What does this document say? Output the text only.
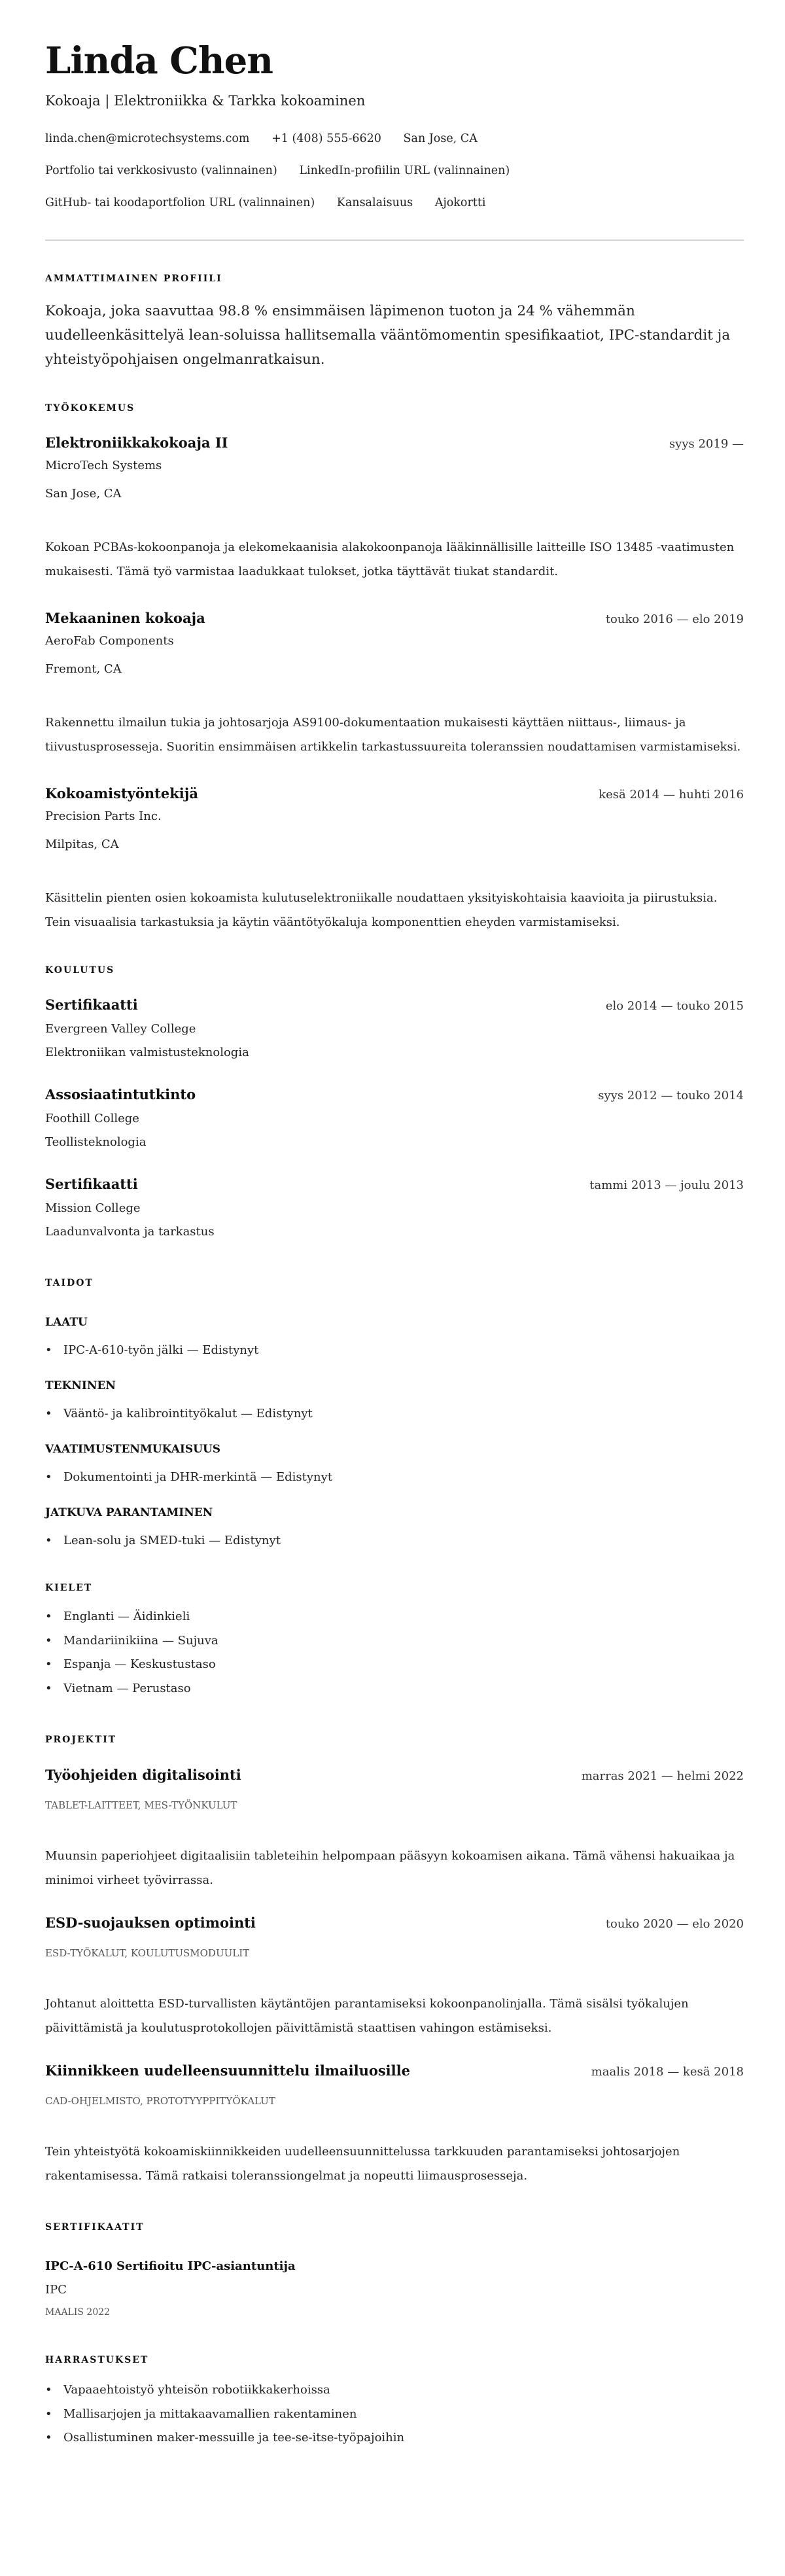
Linda Chen
Kokoaja | Elektroniikka & Tarkka kokoaminen
linda.chen@microtechsystems.com +1 (408) 555-6620 San Jose, CA
Portfolio tai verkkosivusto (valinnainen) LinkedIn-profiilin URL (valinnainen)
GitHub- tai koodaportfolion URL (valinnainen) Kansalaisuus Ajokortti
AMMATTIMAINEN PROFIILI
Kokoaja, joka saavuttaa 98.8 % ensimmäisen läpimenon tuoton ja 24 % vähemmän uudelleenkäsittelyä lean-soluissa hallitsemalla vääntömomentin spesifikaatiot, IPC-standardit ja yhteistyöpohjaisen ongelmanratkaisun.
TYÖKOKEMUS
Elektroniikkakokoaja II	syys 2019 —
MicroTech Systems
San Jose, CA
Kokoan PCBAs-kokoonpanoja ja elekomekaanisia alakokoonpanoja lääkinnällisille laitteille ISO 13485 -vaatimusten mukaisesti. Tämä työ varmistaa laadukkaat tulokset, jotka täyttävät tiukat standardit.
Mekaaninen kokoaja	touko 2016 — elo 2019
AeroFab Components
Fremont, CA
Rakennettu ilmailun tukia ja johtosarjoja AS9100-dokumentaation mukaisesti käyttäen niittaus-, liimaus- ja tiivustusprosesseja. Suoritin ensimmäisen artikkelin tarkastussuureita toleranssien noudattamisen varmistamiseksi.
Kokoamistyöntekijä	kesä 2014 — huhti 2016
Precision Parts Inc.
Milpitas, CA
Käsittelin pienten osien kokoamista kulutuselektroniikalle noudattaen yksityiskohtaisia kaavioita ja piirustuksia. Tein visuaalisia tarkastuksia ja käytin vääntötyökaluja komponenttien eheyden varmistamiseksi.
KOULUTUS
Sertifikaatti	elo 2014 — touko 2015
Evergreen Valley College
Elektroniikan valmistusteknologia
Assosiaatintutkinto	syys 2012 — touko 2014
Foothill College
Teollisteknologia
Sertifikaatti	tammi 2013 — joulu 2013
Mission College
Laadunvalvonta ja tarkastus
TAIDOT
LAATU
• IPC-A-610-työn jälki — Edistynyt
TEKNINEN
• Vääntö- ja kalibrointityökalut — Edistynyt
VAATIMUSTENMUKAISUUS
• Dokumentointi ja DHR-merkintä — Edistynyt
JATKUVA PARANTAMINEN
• Lean-solu ja SMED-tuki — Edistynyt
KIELET
• Englanti — Äidinkieli
• Mandariinikiina — Sujuva
• Espanja — Keskustustaso
• Vietnam — Perustaso
PROJEKTIT
Työohjeiden digitalisointi	marras 2021 — helmi 2022
TABLET-LAITTEET, MES-TYÖNKULUT
Muunsin paperiohjeet digitaalisiin tableteihin helpompaan pääsyyn kokoamisen aikana. Tämä vähensi hakuaikaa ja minimoi virheet työvirrassa.
ESD-suojauksen optimointi	touko 2020 — elo 2020
ESD-TYÖKALUT, KOULUTUSMODUULIT
Johtanut aloittetta ESD-turvallisten käytäntöjen parantamiseksi kokoonpanolinjalla. Tämä sisälsi työkalujen päivittämistä ja koulutusprotokollojen päivittämistä staattisen vahingon estämiseksi.
Kiinnikkeen uudelleensuunnittelu ilmailuosille	maalis 2018 — kesä 2018
CAD-OHJELMISTO, PROTOTYYPPITYÖKALUT
Tein yhteistyötä kokoamiskiinnikkeiden uudelleensuunnittelussa tarkkuuden parantamiseksi johtosarjojen rakentamisessa. Tämä ratkaisi toleranssiongelmat ja nopeutti liimausprosesseja.
SERTIFIKAATIT
IPC-A-610 Sertifioitu IPC-asiantuntija
IPC
MAALIS 2022
HARRASTUKSET
• Vapaaehtoistyö yhteisön robotiikkakerhoissa
• Mallisarjojen ja mittakaavamallien rakentaminen
• Osallistuminen maker-messuille ja tee-se-itse-työpajoihin
